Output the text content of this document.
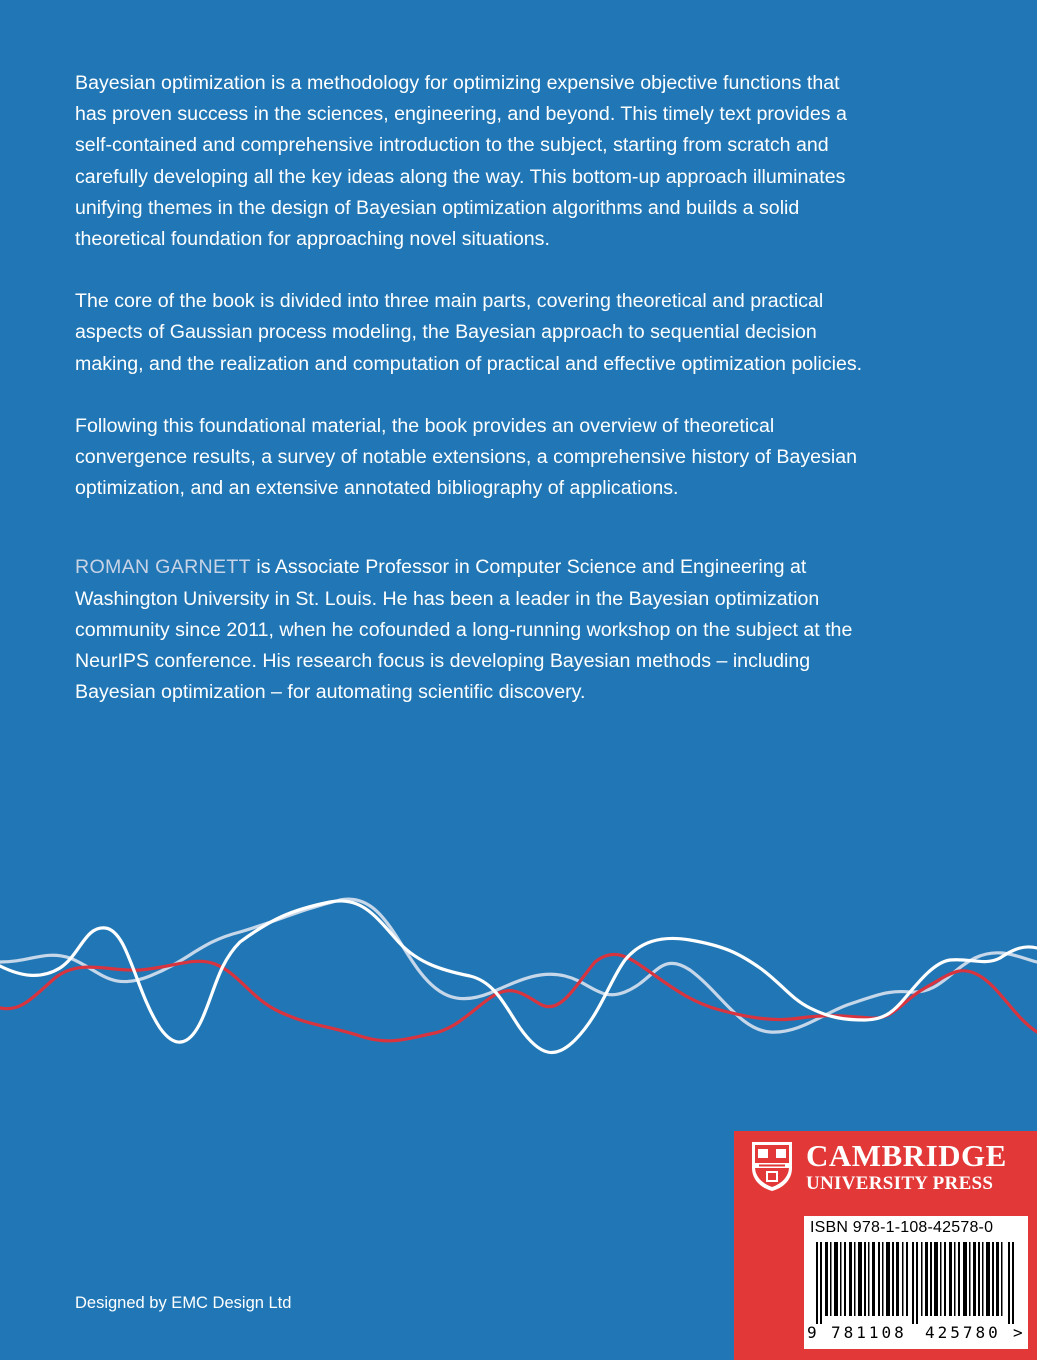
Bayesian optimization is a methodology for optimizing expensive objective functions that has proven success in the sciences, engineering, and beyond. This timely text provides a self-contained and comprehensive introduction to the subject, starting from scratch and carefully developing all the key ideas along the way. This bottom-up approach illuminates unifying themes in the design of Bayesian optimization algorithms and builds a solid theoretical foundation for approaching novel situations.

The core of the book is divided into three main parts, covering theoretical and practical aspects of Gaussian process modeling, the Bayesian approach to sequential decision making, and the realization and computation of practical and effective optimization policies.

Following this foundational material, the book provides an overview of theoretical convergence results, a survey of notable extensions, a comprehensive history of Bayesian optimization, and an extensive annotated bibliography of applications.

ROMAN GARNETT is Associate Professor in Computer Science and Engineering at Washington University in St. Louis. He has been a leader in the Bayesian optimization community since 2011, when he cofounded a long-running workshop on the subject at the NeurIPS conference. His research focus is developing Bayesian methods – including Bayesian optimization – for automating scientific discovery.

Designed by EMC Design Ltd
CAMBRIDGE
UNIVERSITY PRESS
ISBN 978-1-108-42578-0
9 781108 425780 >
